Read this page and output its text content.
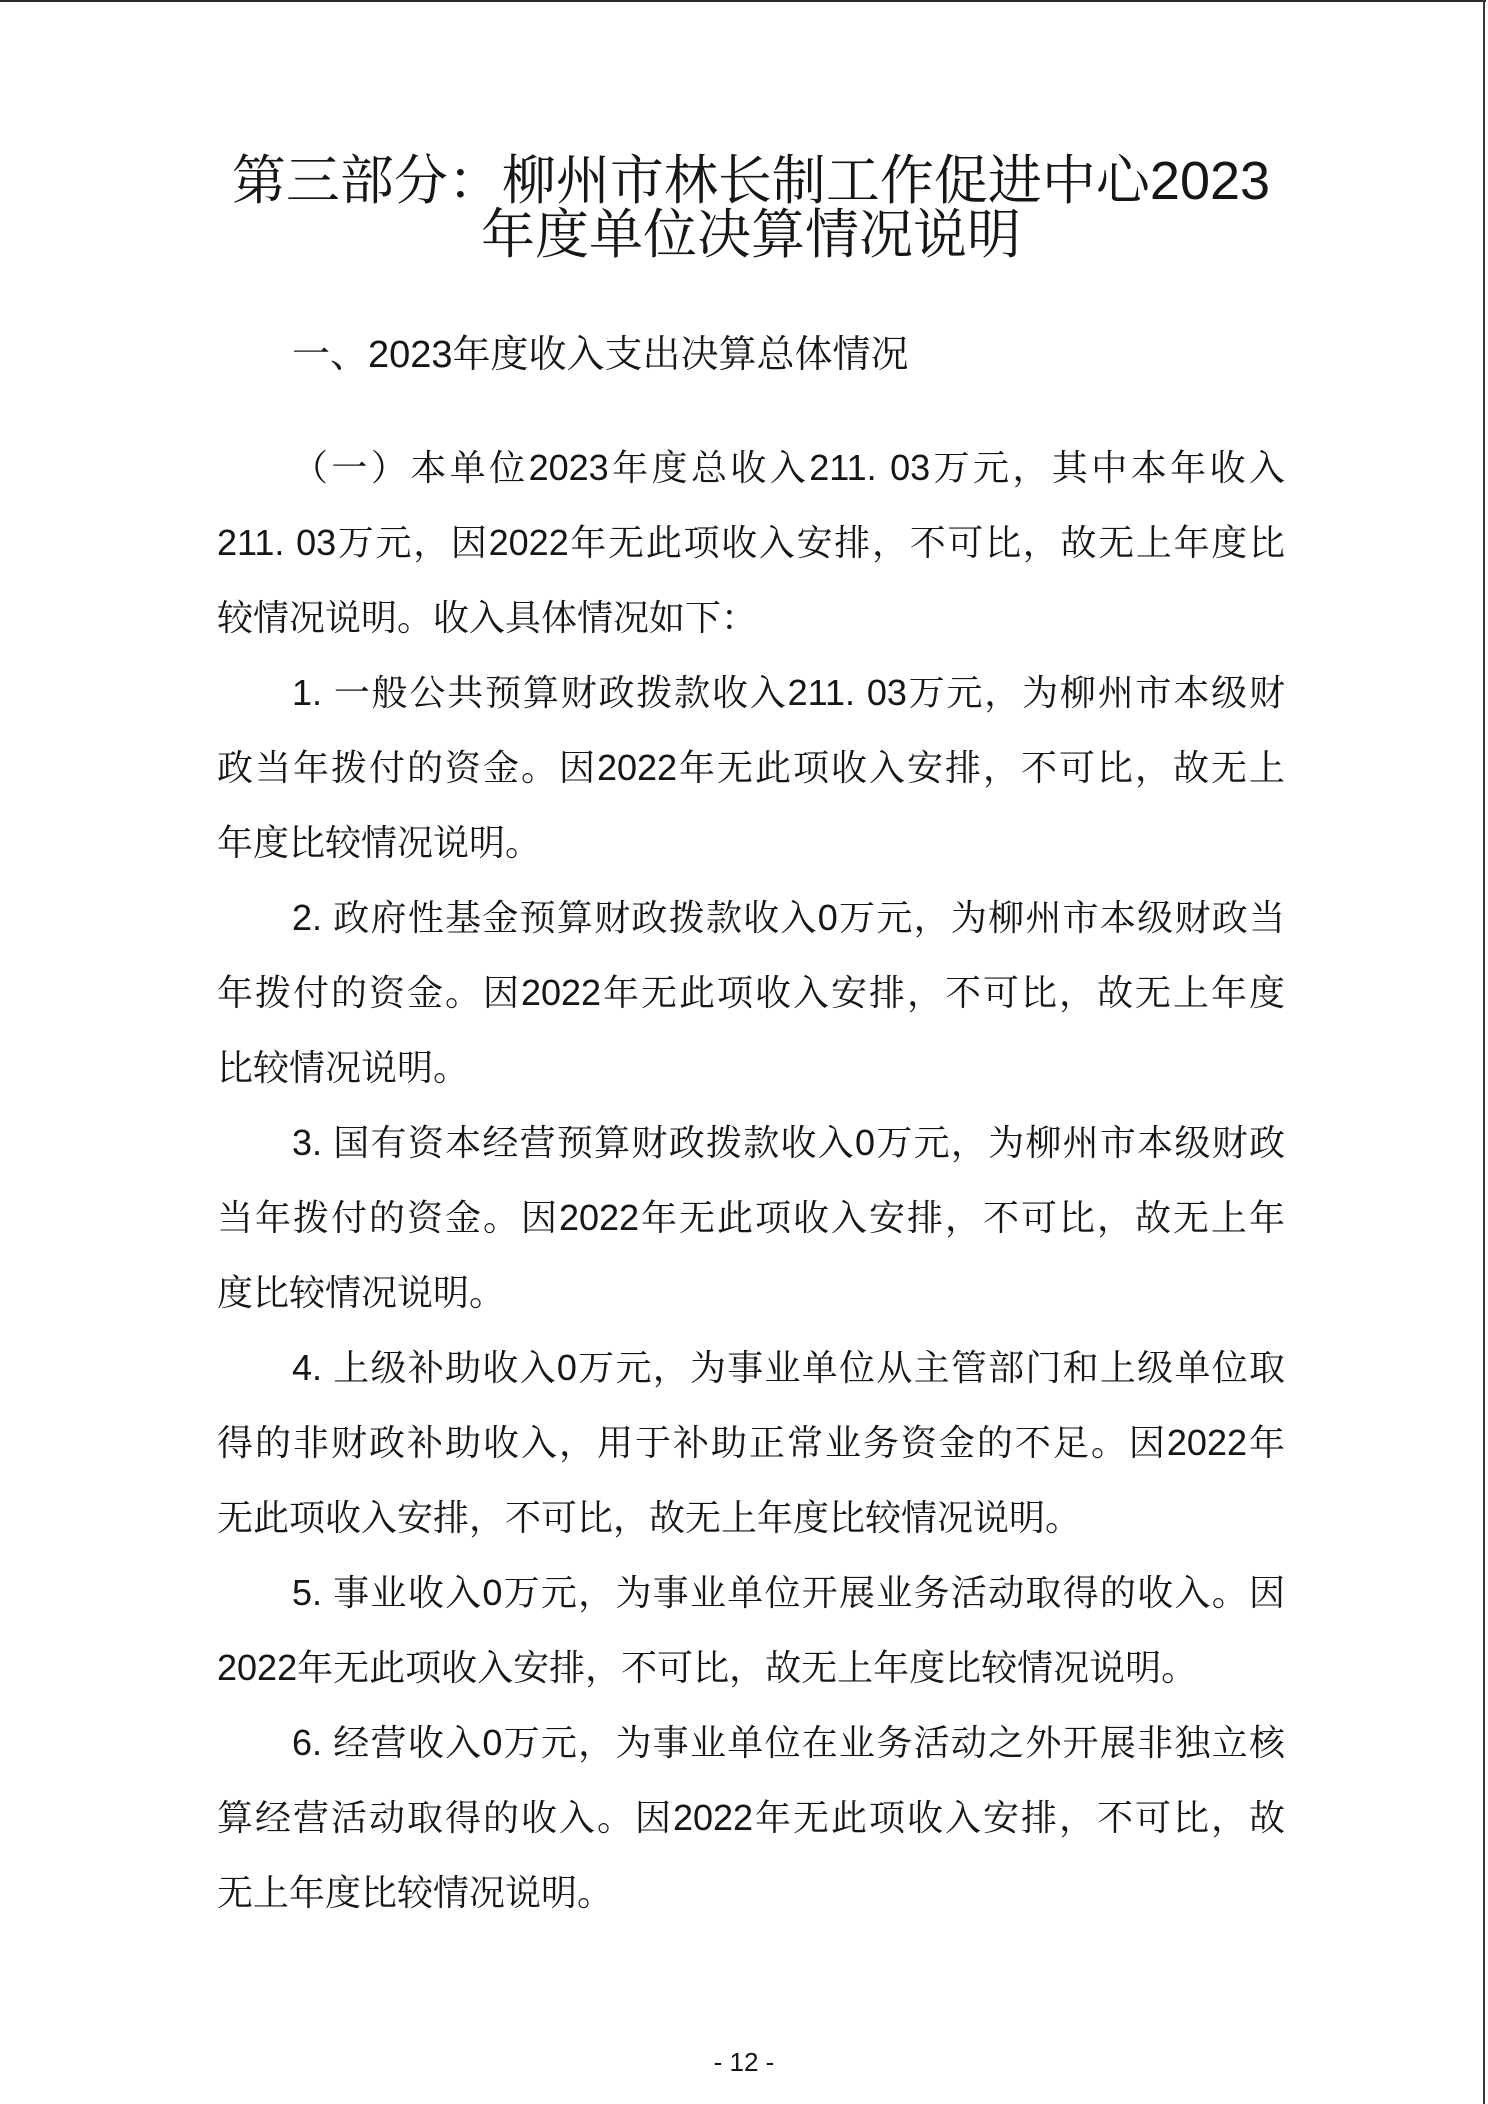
第三部分：柳州市林长制工作促进中心2023
年度单位决算情况说明
一、2023年度收入支出决算总体情况
（一）本单位2023年度总收入211. 03万元，其中本年收入
211. 03万元，因2022年无此项收入安排，不可比，故无上年度比
较情况说明。收入具体情况如下：
1. 一般公共预算财政拨款收入211. 03万元，为柳州市本级财
政当年拨付的资金。因2022年无此项收入安排，不可比，故无上
年度比较情况说明。
2. 政府性基金预算财政拨款收入0万元，为柳州市本级财政当
年拨付的资金。因2022年无此项收入安排，不可比，故无上年度
比较情况说明。
3. 国有资本经营预算财政拨款收入0万元，为柳州市本级财政
当年拨付的资金。因2022年无此项收入安排，不可比，故无上年
度比较情况说明。
4. 上级补助收入0万元，为事业单位从主管部门和上级单位取
得的非财政补助收入，用于补助正常业务资金的不足。因2022年
无此项收入安排，不可比，故无上年度比较情况说明。
5. 事业收入0万元，为事业单位开展业务活动取得的收入。因
2022年无此项收入安排，不可比，故无上年度比较情况说明。
6. 经营收入0万元，为事业单位在业务活动之外开展非独立核
算经营活动取得的收入。因2022年无此项收入安排，不可比，故
无上年度比较情况说明。
- 12 -
